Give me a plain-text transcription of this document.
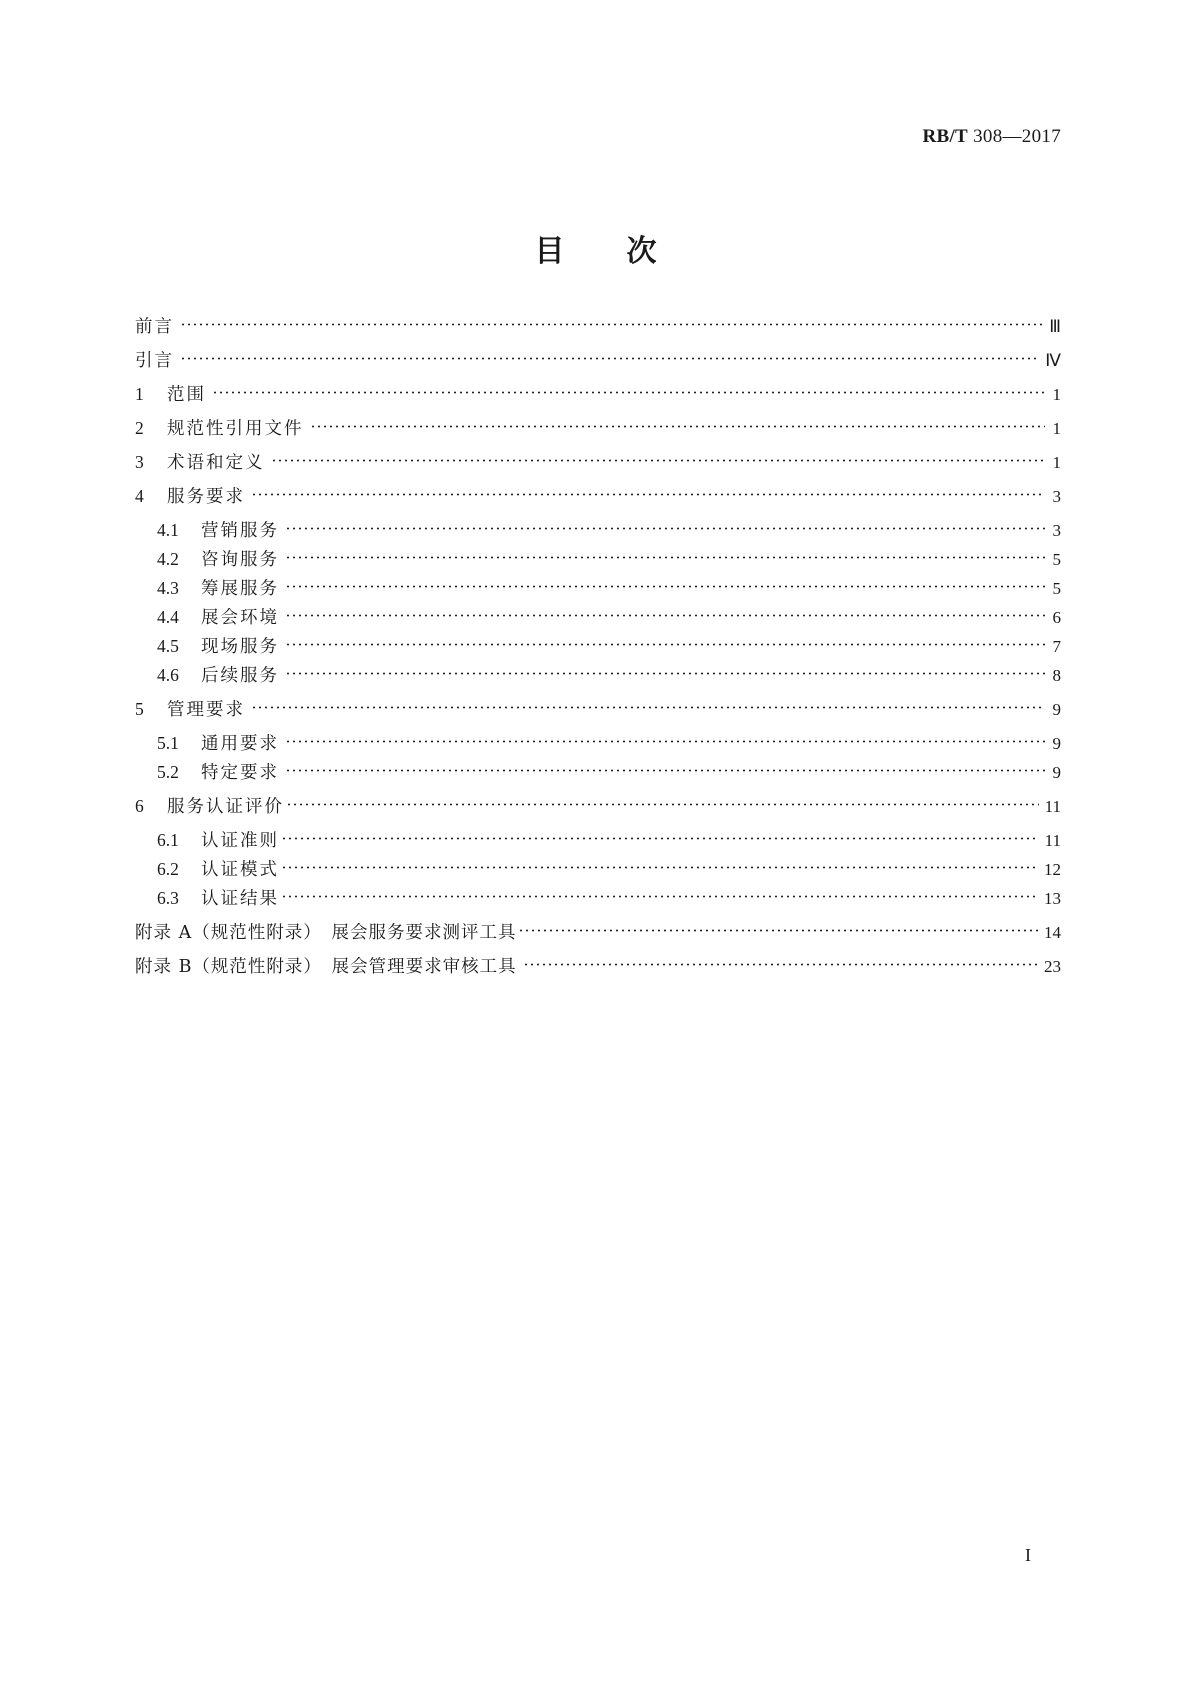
RB/T 308—2017
目 次
前言	Ⅲ
引言	Ⅳ
1	范围	1
2	规范性引用文件	1
3	术语和定义	1
4	服务要求	3
4.1	营销服务	3
4.2	咨询服务	5
4.3	筹展服务	5
4.4	展会环境	6
4.5	现场服务	7
4.6	后续服务	8
5	管理要求	9
5.1	通用要求	9
5.2	特定要求	9
6	服务认证评价	11
6.1	认证准则	11
6.2	认证模式	12
6.3	认证结果	13
附录 A（规范性附录）　展会服务要求测评工具	14
附录 B（规范性附录）　展会管理要求审核工具	23
I
